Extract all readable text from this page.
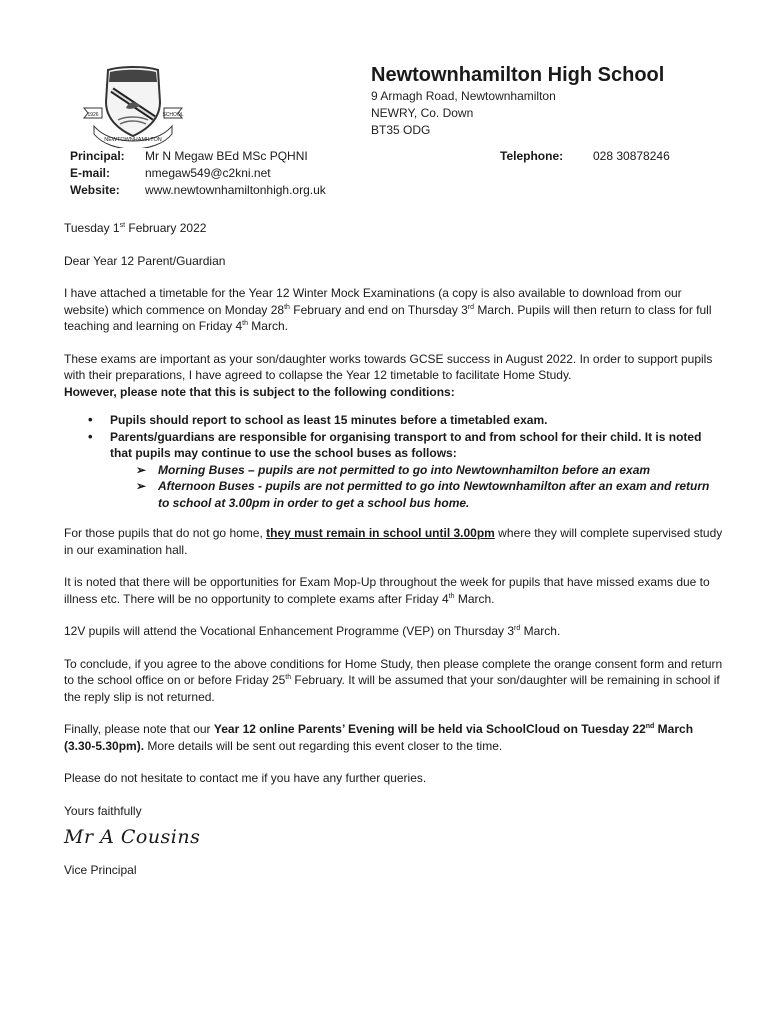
1926	SCHOOL
NEWTOWNHAMILTON
Newtownhamilton High School
9 Armagh Road, Newtownhamilton
NEWRY, Co. Down
BT35 ODG
Principal:	Mr N Megaw BEd MSc PQHNI
E-mail:	nmegaw549@c2kni.net
Website:	www.newtownhamiltonhigh.org.uk
Telephone:	028 30878246

Tuesday 1st February 2022

Dear Year 12 Parent/Guardian

I have attached a timetable for the Year 12 Winter Mock Examinations (a copy is also available to download from our website) which commence on Monday 28th February and end on Thursday 3rd March. Pupils will then return to class for full teaching and learning on Friday 4th March.

These exams are important as your son/daughter works towards GCSE success in August 2022. In order to support pupils with their preparations, I have agreed to collapse the Year 12 timetable to facilitate Home Study.
However, please note that this is subject to the following conditions:

• Pupils should report to school as least 15 minutes before a timetabled exam.
• Parents/guardians are responsible for organising transport to and from school for their child. It is noted that pupils may continue to use the school buses as follows:
➢ Morning Buses – pupils are not permitted to go into Newtownhamilton before an exam
➢ Afternoon Buses - pupils are not permitted to go into Newtownhamilton after an exam and return to school at 3.00pm in order to get a school bus home.

For those pupils that do not go home, they must remain in school until 3.00pm where they will complete supervised study in our examination hall.

It is noted that there will be opportunities for Exam Mop-Up throughout the week for pupils that have missed exams due to illness etc. There will be no opportunity to complete exams after Friday 4th March.

12V pupils will attend the Vocational Enhancement Programme (VEP) on Thursday 3rd March.

To conclude, if you agree to the above conditions for Home Study, then please complete the orange consent form and return to the school office on or before Friday 25th February. It will be assumed that your son/daughter will be remaining in school if the reply slip is not returned.

Finally, please note that our Year 12 online Parents’ Evening will be held via SchoolCloud on Tuesday 22nd March (3.30-5.30pm). More details will be sent out regarding this event closer to the time.

Please do not hesitate to contact me if you have any further queries.

Yours faithfully

Mr A Cousins

Vice Principal
